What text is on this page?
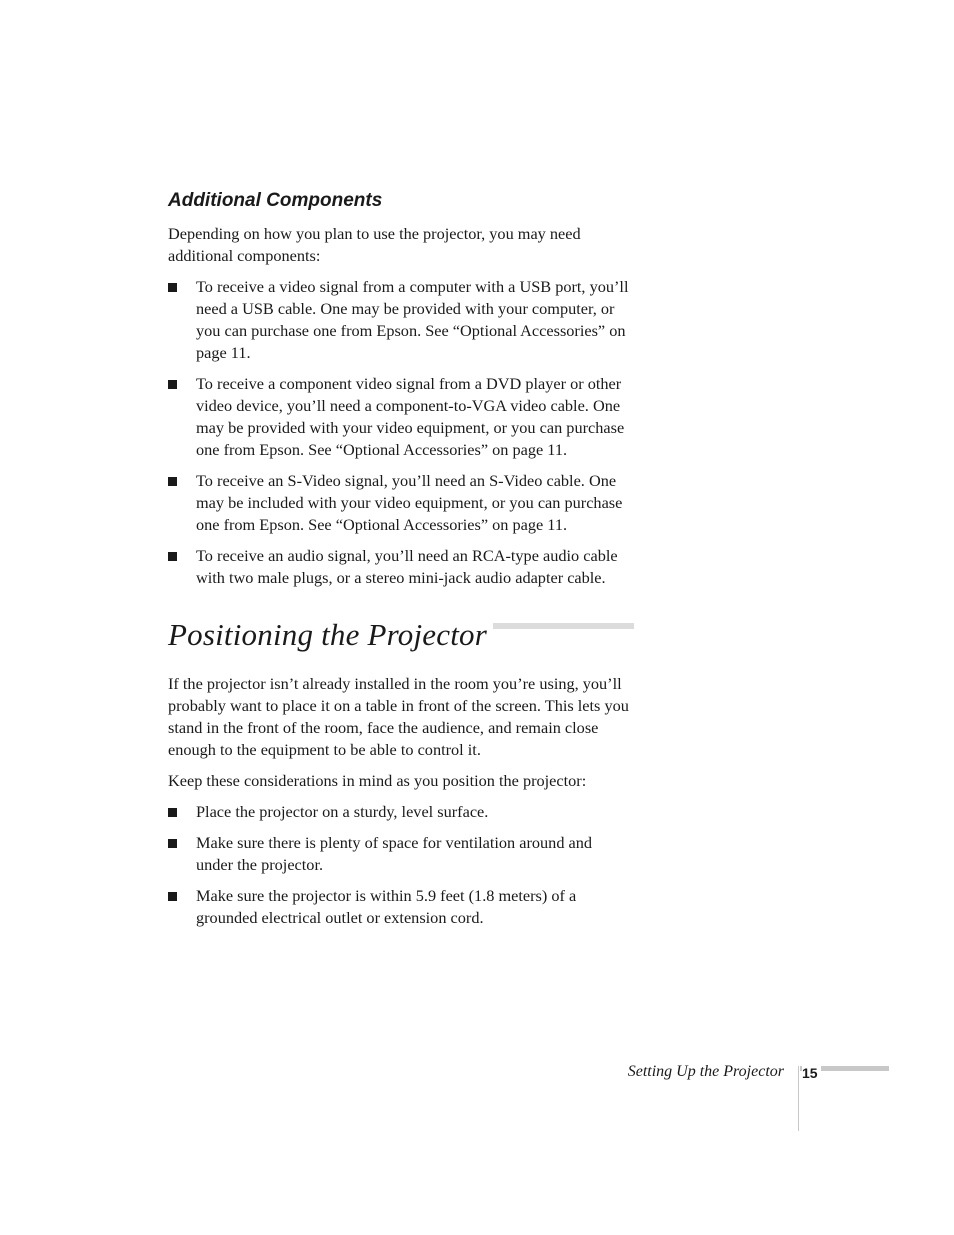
Additional Components

Depending on how you plan to use the projector, you may need additional components:

To receive a video signal from a computer with a USB port, you’ll need a USB cable. One may be provided with your computer, or you can purchase one from Epson. See “Optional Accessories” on page 11.
To receive a component video signal from a DVD player or other video device, you’ll need a component-to-VGA video cable. One may be provided with your video equipment, or you can purchase one from Epson. See “Optional Accessories” on page 11.
To receive an S-Video signal, you’ll need an S-Video cable. One may be included with your video equipment, or you can purchase one from Epson. See “Optional Accessories” on page 11.
To receive an audio signal, you’ll need an RCA-type audio cable with two male plugs, or a stereo mini-jack audio adapter cable.
Positioning the Projector

If the projector isn’t already installed in the room you’re using, you’ll probably want to place it on a table in front of the screen. This lets you stand in the front of the room, face the audience, and remain close enough to the equipment to be able to control it.

Keep these considerations in mind as you position the projector:

Place the projector on a sturdy, level surface.
Make sure there is plenty of space for ventilation around and under the projector.
Make sure the projector is within 5.9 feet (1.8 meters) of a grounded electrical outlet or extension cord.
Setting Up the Projector 15
